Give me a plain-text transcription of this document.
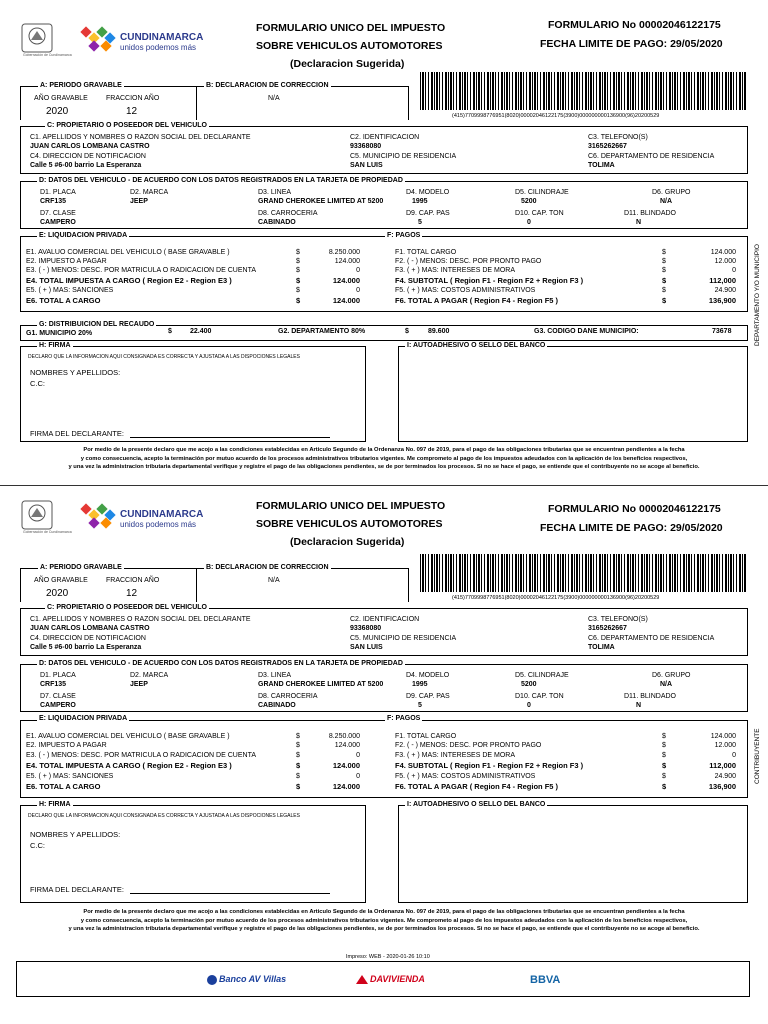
Gobernación de Cundinamarca
CUNDINAMARCA
unidos podemos más
FORMULARIO UNICO DEL IMPUESTO
SOBRE VEHICULOS AUTOMOTORES
(Declaracion Sugerida)
FORMULARIO No 00002046122175
FECHA LIMITE DE PAGO: 29/05/2020
(415)7709998776951(8020)00002046122175(3900)000000000136900(96)20200529
A: PERIODO GRAVABLE	B: DECLARACION DE CORRECCION
AÑO GRAVABLE	FRACCION AÑO
2020	12
N/A
C: PROPIETARIO O POSEEDOR DEL VEHICULO
C1. APELLIDOS Y NOMBRES O RAZON SOCIAL DEL DECLARANTE
JUAN CARLOS LOMBANA CASTRO
C2. IDENTIFICACION
93368080
C3. TELEFONO(S)
3165262667
C4. DIRECCION DE NOTIFICACION
Calle 5 #6-00 barrio La Esperanza
C5. MUNICIPIO DE RESIDENCIA
SAN LUIS
C6. DEPARTAMENTO DE RESIDENCIA
TOLIMA
D: DATOS DEL VEHICULO - DE ACUERDO CON LOS DATOS REGISTRADOS EN LA TARJETA DE PROPIEDAD
D1. PLACA
CRF135
D2. MARCA
JEEP
D3. LINEA
GRAND CHEROKEE LIMITED AT 5200
D4. MODELO
1995
D5. CILINDRAJE
5200
D6. GRUPO
N/A
D7. CLASE
CAMPERO
D8. CARROCERIA
CABINADO
D9. CAP. PAS
5
D10. CAP. TON
0
D11. BLINDADO
N
E: LIQUIDACION PRIVADA	F: PAGOS
E1. AVALUO COMERCIAL DEL VEHICULO ( BASE GRAVABLE )	$	8.250.000
E2. IMPUESTO A PAGAR	$	124.000
E3. ( - ) MENOS: DESC. POR MATRICULA O RADICACION DE CUENTA	$	0
E4. TOTAL IMPUESTA A CARGO ( Region E2 - Region E3 )	$	124.000
E5. ( + ) MAS: SANCIONES	$	0
E6. TOTAL A CARGO	$	124.000
F1. TOTAL CARGO	$	124.000
F2. ( - ) MENOS: DESC. POR PRONTO PAGO	$	12.000
F3. ( + ) MAS: INTERESES DE MORA	$	0
F4. SUBTOTAL ( Region F1 - Region F2 + Region F3 )	$	112,000
F5. ( + ) MAS: COSTOS ADMINISTRATIVOS	$	24.900
F6. TOTAL A PAGAR ( Region F4 - Region F5 )	$	136,900
G: DISTRIBUICION DEL RECAUDO
G1. MUNICIPIO 20%	$	22.400	G2. DEPARTAMENTO 80%	$	89.600	G3. CODIGO DANE MUNICIPIO:	73678
H: FIRMA	I: AUTOADHESIVO O SELLO DEL BANCO
DECLARO QUE LA INFORMACION AQUI CONSIGNADA ES CORRECTA Y AJUSTADA A LAS DISPOCIONES LEGALES
NOMBRES Y APELLIDOS:
C.C:
FIRMA DEL DECLARANTE:
Por medio de la presente declaro que me acojo a las condiciones establecidas en Articulo Segundo de la Ordenanza No. 097 de 2019, para el pago de las obligaciones tributarias que se encuentran pendientes a la fecha
y como consecuencia, acepto la terminación por mutuo acuerdo de los procesos administrativos tributarios vigentes. Me comprometo al pago de los impuestos adeudados con la aplicación de los beneficios respectivos,
y una vez la administracion tributaria departamental verifique y registre el pago de las obligaciones pendientes, se de por terminados los procesos. Si no se hace el pago, se entiende que el contribuyente no se acoge al beneficio.
DEPARTAMENTO Y/O MUNICIPIO
Gobernación de Cundinamarca
CUNDINAMARCA
unidos podemos más
FORMULARIO UNICO DEL IMPUESTO
SOBRE VEHICULOS AUTOMOTORES
(Declaracion Sugerida)
FORMULARIO No 00002046122175
FECHA LIMITE DE PAGO: 29/05/2020
(415)7709998776951(8020)00002046122175(3900)000000000136900(96)20200529
A: PERIODO GRAVABLE	B: DECLARACION DE CORRECCION
AÑO GRAVABLE	FRACCION AÑO
2020	12
N/A
C: PROPIETARIO O POSEEDOR DEL VEHICULO
C1. APELLIDOS Y NOMBRES O RAZON SOCIAL DEL DECLARANTE
JUAN CARLOS LOMBANA CASTRO
C2. IDENTIFICACION
93368080
C3. TELEFONO(S)
3165262667
C4. DIRECCION DE NOTIFICACION
Calle 5 #6-00 barrio La Esperanza
C5. MUNICIPIO DE RESIDENCIA
SAN LUIS
C6. DEPARTAMENTO DE RESIDENCIA
TOLIMA
D: DATOS DEL VEHICULO - DE ACUERDO CON LOS DATOS REGISTRADOS EN LA TARJETA DE PROPIEDAD
D1. PLACA
CRF135
D2. MARCA
JEEP
D3. LINEA
GRAND CHEROKEE LIMITED AT 5200
D4. MODELO
1995
D5. CILINDRAJE
5200
D6. GRUPO
N/A
D7. CLASE
CAMPERO
D8. CARROCERIA
CABINADO
D9. CAP. PAS
5
D10. CAP. TON
0
D11. BLINDADO
N
E: LIQUIDACION PRIVADA	F: PAGOS
E1. AVALUO COMERCIAL DEL VEHICULO ( BASE GRAVABLE )	$	8.250.000
E2. IMPUESTO A PAGAR	$	124.000
E3. ( - ) MENOS: DESC. POR MATRICULA O RADICACION DE CUENTA	$	0
E4. TOTAL IMPUESTA A CARGO ( Region E2 - Region E3 )	$	124.000
E5. ( + ) MAS: SANCIONES	$	0
E6. TOTAL A CARGO	$	124.000
F1. TOTAL CARGO	$	124.000
F2. ( - ) MENOS: DESC. POR PRONTO PAGO	$	12.000
F3. ( + ) MAS: INTERESES DE MORA	$	0
F4. SUBTOTAL ( Region F1 - Region F2 + Region F3 )	$	112,000
F5. ( + ) MAS: COSTOS ADMINISTRATIVOS	$	24.900
F6. TOTAL A PAGAR ( Region F4 - Region F5 )	$	136,900
H: FIRMA	I: AUTOADHESIVO O SELLO DEL BANCO
DECLARO QUE LA INFORMACION AQUI CONSIGNADA ES CORRECTA Y AJUSTADA A LAS DISPOCIONES LEGALES
NOMBRES Y APELLIDOS:
C.C:
FIRMA DEL DECLARANTE:
Por medio de la presente declaro que me acojo a las condiciones establecidas en Articulo Segundo de la Ordenanza No. 097 de 2019, para el pago de las obligaciones tributarias que se encuentran pendientes a la fecha
y como consecuencia, acepto la terminación por mutuo acuerdo de los procesos administrativos tributarios vigentes. Me comprometo al pago de los impuestos adeudados con la aplicación de los beneficios respectivos,
y una vez la administracion tributaria departamental verifique y registre el pago de las obligaciones pendientes, se de por terminados los procesos. Si no se hace el pago, se entiende que el contribuyente no se acoge al beneficio.
CONTRIBUYENTE
Impreso: WEB - 2020-01-26 10:10
Banco AV Villas	DAVIVIENDA	BBVA
